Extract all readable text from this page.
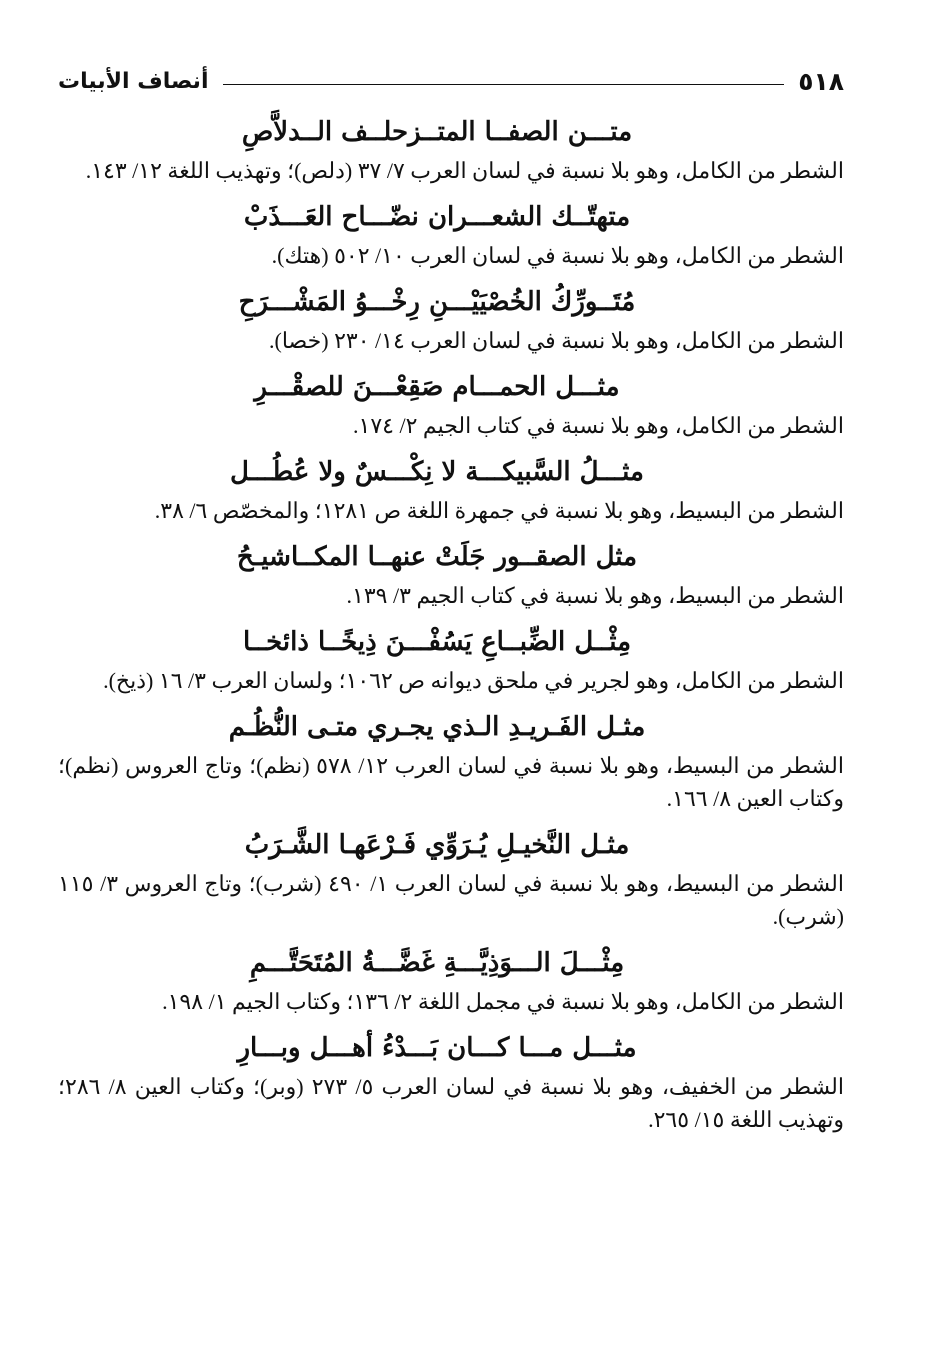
٥١٨
أنصاف الأبيات
متـــن الصفــا المتــزحلــف الــدلاَّصِ
الشطر من الكامل، وهو بلا نسبة في لسان العرب ٧/ ٣٧ (دلص)؛ وتهذيب اللغة ١٢/ ١٤٣.
متهتّــك الشعـــران نضّـــاح العَـــذَبْ
الشطر من الكامل، وهو بلا نسبة في لسان العرب ١٠/ ٥٠٢ (هتك).
مُتَــورِّكُ الخُصْيَيْـــنِ رِخْـــوُ المَشْـــرَحِ
الشطر من الكامل، وهو بلا نسبة في لسان العرب ١٤/ ٢٣٠ (خصا).
مثـــل الحمـــام صَقِعْـــنَ للصقْـــرِ
الشطر من الكامل، وهو بلا نسبة في كتاب الجيم ٢/ ١٧٤.
مثـــلُ السَّبيكـــة لا نِكْـــسٌ ولا عُطُـــل
الشطر من البسيط، وهو بلا نسبة في جمهرة اللغة ص ١٢٨١؛ والمخصّص ٦/ ٣٨.
مثل الصقــور جَلَتْ عنهــا المكــاشيـحُ
الشطر من البسيط، وهو بلا نسبة في كتاب الجيم ٣/ ١٣٩.
مِثْــل الضِّبــاعِ يَسُفْـــنَ ذِيخًــا ذائخــا
الشطر من الكامل، وهو لجرير في ملحق ديوانه ص ١٠٦٢؛ ولسان العرب ٣/ ١٦ (ذيخ).
مثـل الفَـريـدِ الـذي يجـري متـى النُّظُـم
الشطر من البسيط، وهو بلا نسبة في لسان العرب ١٢/ ٥٧٨ (نظم)؛ وتاج العروس (نظم)؛ وكتاب العين ٨/ ١٦٦.
مثـل النَّخيـلِ يُـرَوِّي فَـرْعَهـا الشَّـرَبُ
الشطر من البسيط، وهو بلا نسبة في لسان العرب ١/ ٤٩٠ (شرب)؛ وتاج العروس ٣/ ١١٥ (شرب).
مِثْـــلَ الـــوَذِيَّـــةِ غَضَّـــةُ المُتَحَتَّـــمِ
الشطر من الكامل، وهو بلا نسبة في مجمل اللغة ٢/ ١٣٦؛ وكتاب الجيم ١/ ١٩٨.
مثـــل مـــا كـــان بَـــدْءُ أهـــل وبـــارِ
الشطر من الخفيف، وهو بلا نسبة في لسان العرب ٥/ ٢٧٣ (وبر)؛ وكتاب العين ٨/ ٢٨٦؛ وتهذيب اللغة ١٥/ ٢٦٥.
